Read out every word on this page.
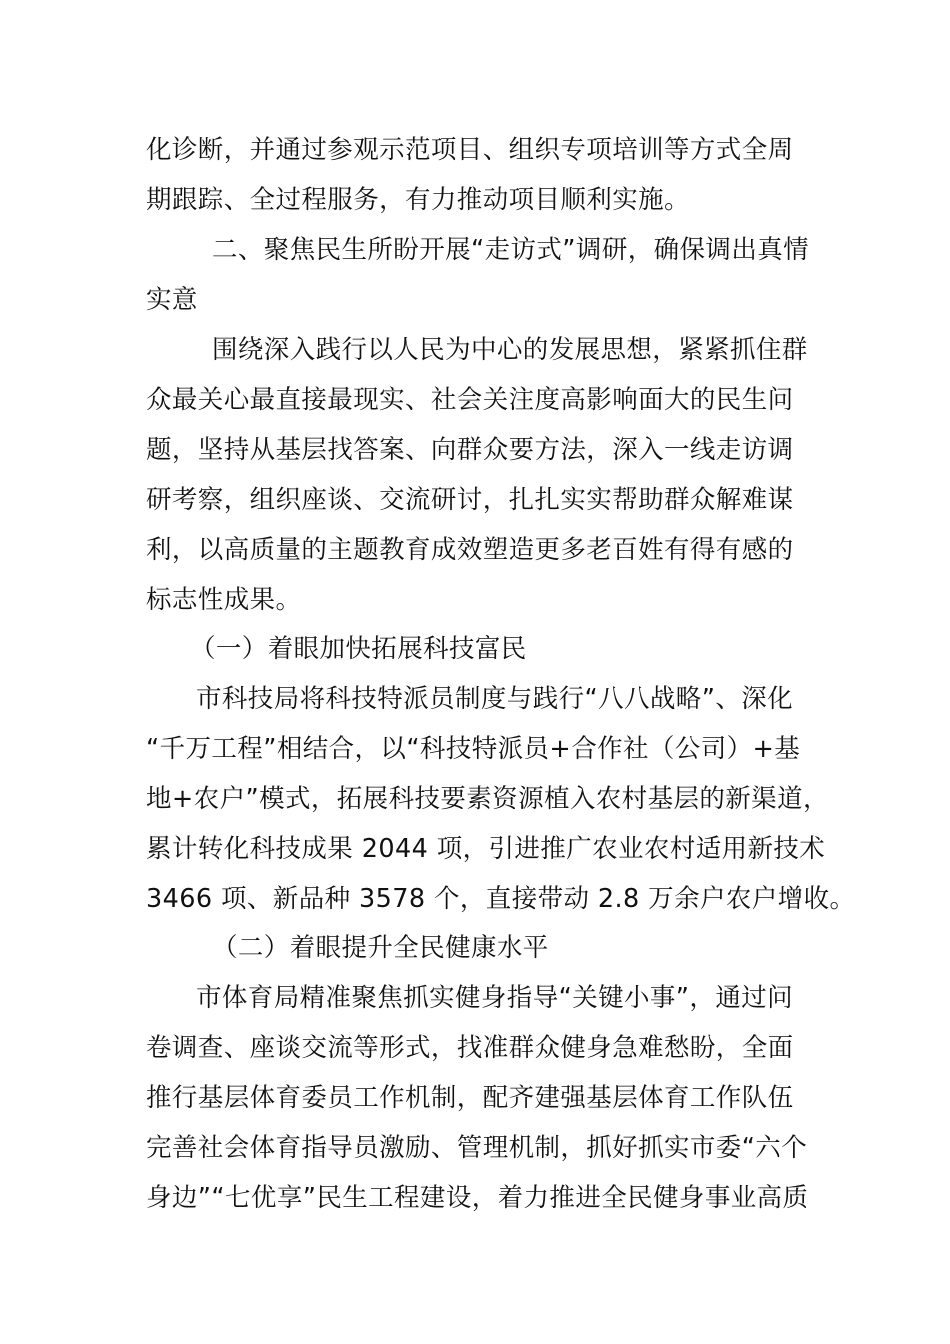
化诊断，并通过参观示范项目、组织专项培训等方式全周
期跟踪、全过程服务，有力推动项目顺利实施。
二、聚焦民生所盼开展“走访式”调研，确保调出真情
实意
围绕深入践行以人民为中心的发展思想，紧紧抓住群
众最关心最直接最现实、社会关注度高影响面大的民生问
题，坚持从基层找答案、向群众要方法，深入一线走访调
研考察，组织座谈、交流研讨，扎扎实实帮助群众解难谋
利，以高质量的主题教育成效塑造更多老百姓有得有感的
标志性成果。
（一）着眼加快拓展科技富民
市科技局将科技特派员制度与践行“八八战略”、深化
“千万工程”相结合，以“科技特派员+合作社（公司）+基
地+农户”模式，拓展科技要素资源植入农村基层的新渠道，
累计转化科技成果 2044 项，引进推广农业农村适用新技术
3466 项、新品种 3578 个，直接带动 2.8 万余户农户增收。
（二）着眼提升全民健康水平
市体育局精准聚焦抓实健身指导“关键小事”，通过问
卷调查、座谈交流等形式，找准群众健身急难愁盼，全面
推行基层体育委员工作机制，配齐建强基层体育工作队伍
完善社会体育指导员激励、管理机制，抓好抓实市委“六个
身边”“七优享”民生工程建设，着力推进全民健身事业高质
